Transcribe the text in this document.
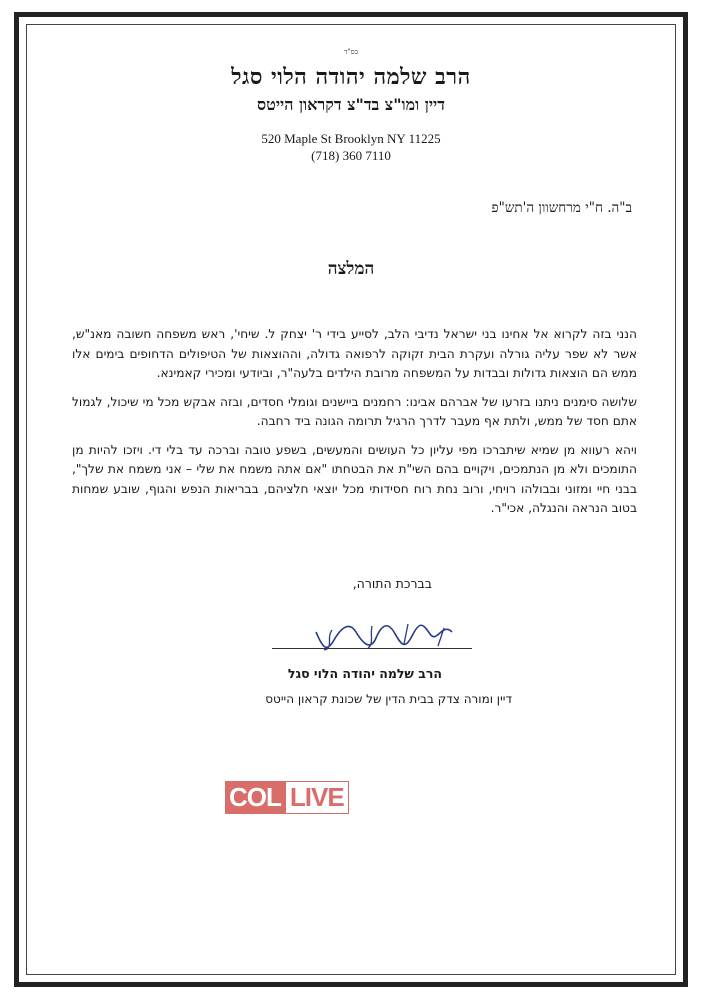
בס"ד
הרב שלמה יהודה הלוי סגל
דיין ומו"צ בד"צ דקראון הייטס
520 Maple St Brooklyn NY 11225
(718) 360 7110
ב"ה. ח"י מרחשוון ה'תש"פ
המלצה

הנני בזה לקרוא אל אחינו בני ישראל נדיבי הלב, לסייע בידי ר' יצחק ל. שיחי', ראש משפחה חשובה מאנ"ש, אשר לא שפר עליה גורלה ועקרת הבית זקוקה לרפואה גדולה, וההוצאות של הטיפולים הדחופים בימים אלו ממש הם הוצאות גדולות ובבדות על המשפחה מרובת הילדים בלעה"ר, וביודעי ומכירי קאמינא.

שלושה סימנים ניתנו בזרעו של אברהם אבינו: רחמנים ביישנים וגומלי חסדים, ובזה אבקש מכל מי שיכול, לגמול אתם חסד של ממש, ולתת אף מעבר לדרך הרגיל תרומה הגונה ביד רחבה.

ויהא רעווא מן שמיא שיתברכו מפי עליון כל העושים והמעשים, בשפע טובה וברכה עד בלי די. ויזכו להיות מן התומכים ולא מן הנתמכים, ויקויים בהם השי"ת את הבטחתו "אם אתה משמח את שלי – אני משמח את שלך", בבני חיי ומזוני ובבולהו רויחי, ורוב נחת רוח חסידותי מכל יוצאי חלציהם, בבריאות הנפש והגוף, שובע שמחות בטוב הנראה והנגלה, אכי"ר.

בברכת התורה,
הרב שלמה יהודה הלוי סגל
דיין ומורה צדק בבית הדין של שכונת קראון הייטס
COL LIVE
